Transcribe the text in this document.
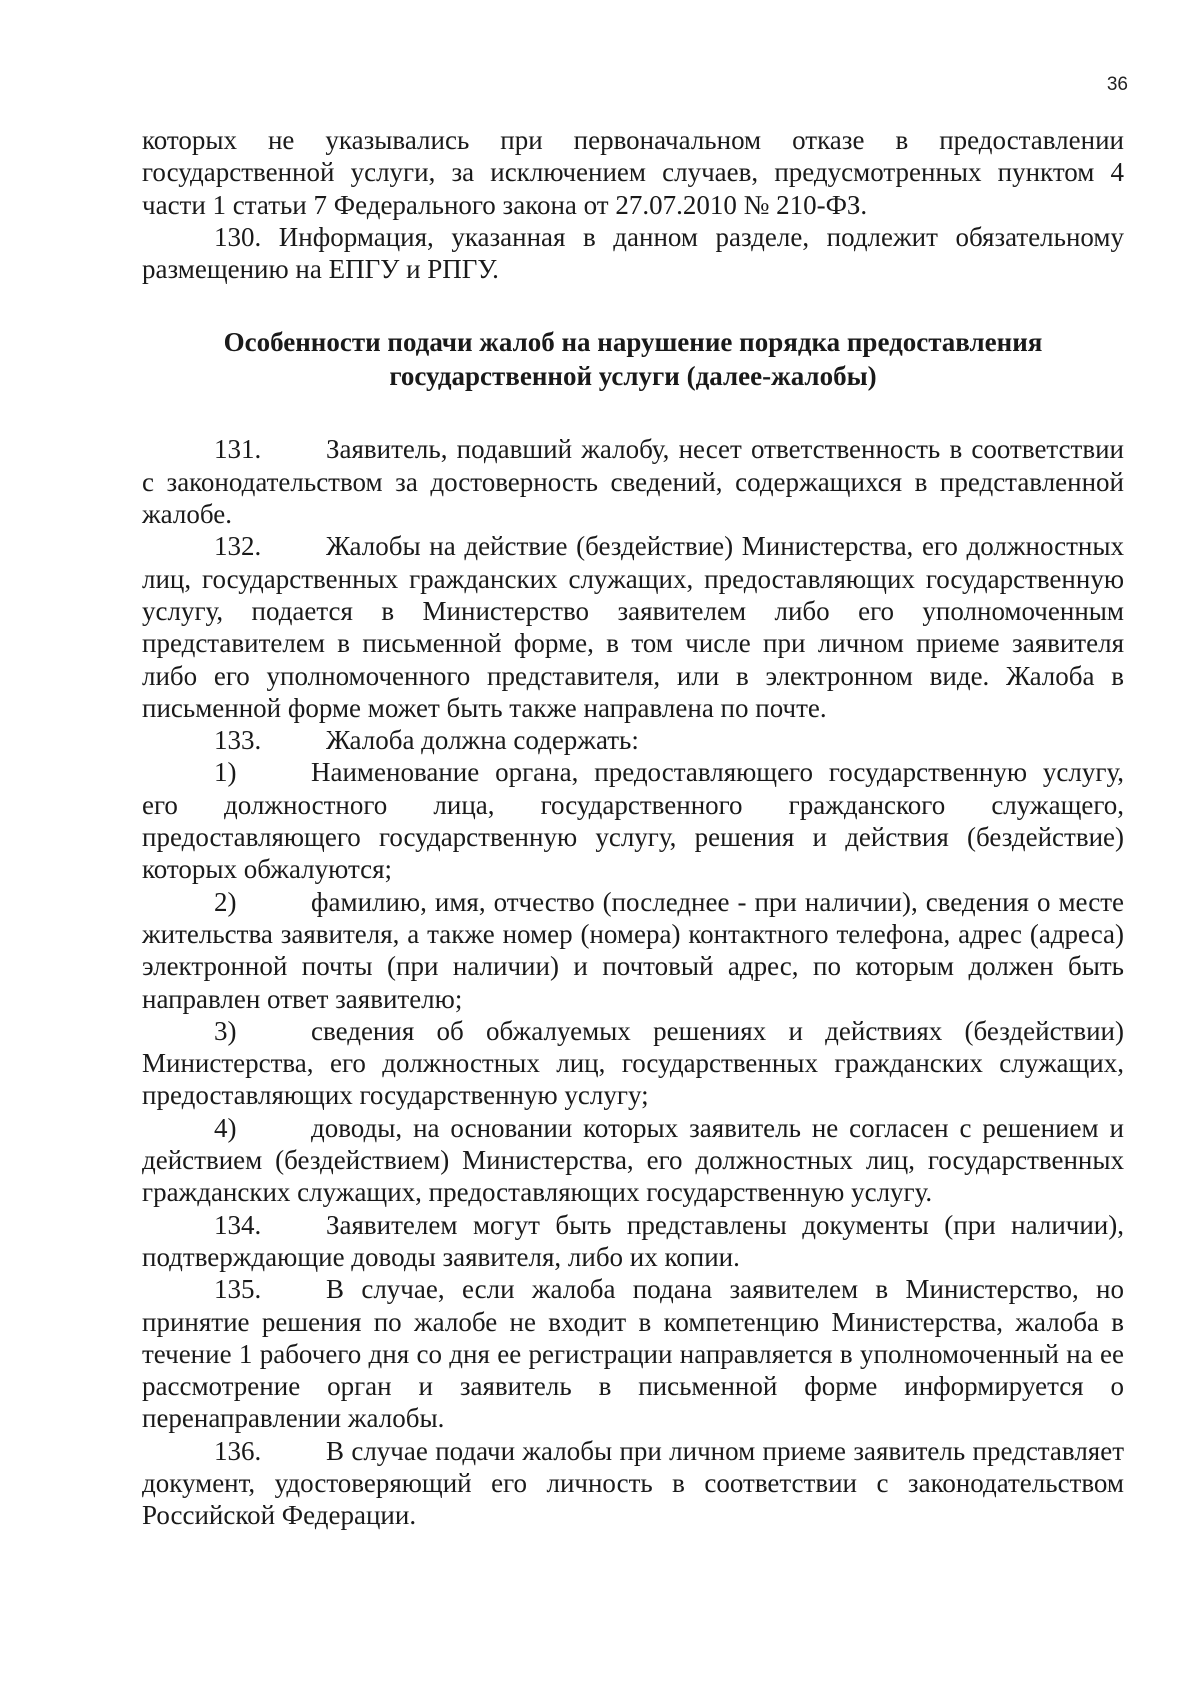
36

которых не указывались при первоначальном отказе в предоставлении государственной услуги, за исключением случаев, предусмотренных пунктом 4 части 1 статьи 7 Федерального закона от 27.07.2010 № 210-ФЗ.

130. Информация, указанная в данном разделе, подлежит обязательному размещению на ЕПГУ и РПГУ.

Особенности подачи жалоб на нарушение порядка предоставления
государственной услуги (далее-жалобы)

131. Заявитель, подавший жалобу, несет ответственность в соответствии с законодательством за достоверность сведений, содержащихся в представленной жалобе.

132. Жалобы на действие (бездействие) Министерства, его должностных лиц, государственных гражданских служащих, предоставляющих государственную услугу, подается в Министерство заявителем либо его уполномоченным представителем в письменной форме, в том числе при личном приеме заявителя либо его уполномоченного представителя, или в электронном виде. Жалоба в письменной форме может быть также направлена по почте.

133. Жалоба должна содержать:

1)	Наименование органа, предоставляющего государственную услугу, его должностного лица, государственного гражданского служащего, предоставляющего государственную услугу, решения и действия (бездействие) которых обжалуются;

2)	фамилию, имя, отчество (последнее - при наличии), сведения о месте жительства заявителя, а также номер (номера) контактного телефона, адрес (адреса) электронной почты (при наличии) и почтовый адрес, по которым должен быть направлен ответ заявителю;

3)	сведения об обжалуемых решениях и действиях (бездействии) Министерства, его должностных лиц, государственных гражданских служащих, предоставляющих государственную услугу;

4)	доводы, на основании которых заявитель не согласен с решением и действием (бездействием) Министерства, его должностных лиц, государственных гражданских служащих, предоставляющих государственную услугу.

134. Заявителем могут быть представлены документы (при наличии), подтверждающие доводы заявителя, либо их копии.

135. В случае, если жалоба подана заявителем в Министерство, но принятие решения по жалобе не входит в компетенцию Министерства, жалоба в течение 1 рабочего дня со дня ее регистрации направляется в уполномоченный на ее рассмотрение орган и заявитель в письменной форме информируется о перенаправлении жалобы.

136. В случае подачи жалобы при личном приеме заявитель представляет документ, удостоверяющий его личность в соответствии с законодательством Российской Федерации.
